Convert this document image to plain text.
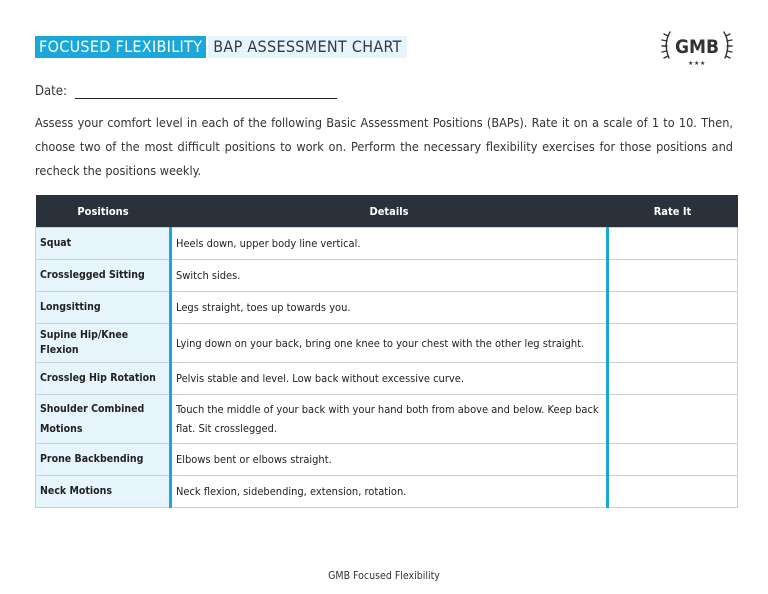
FOCUSED FLEXIBILITY BAP ASSESSMENT CHART	GMB
★ ★ ★
Date:
Assess your comfort level in each of the following Basic Assessment Positions (BAPs). Rate it on a scale of 1 to 10. Then, choose two of the most difficult positions to work on. Perform the necessary flexibility exercises for those positions and recheck the positions weekly.
Positions	Details	Rate It
Squat	Heels down, upper body line vertical.	
Crosslegged Sitting	Switch sides.	
Longsitting	Legs straight, toes up towards you.	
Supine Hip/Knee Flexion	Lying down on your back, bring one knee to your chest with the other leg straight.	
Crossleg Hip Rotation	Pelvis stable and level. Low back without excessive curve.	
Shoulder Combined Motions	Touch the middle of your back with your hand both from above and below. Keep back flat. Sit crosslegged.	
Prone Backbending	Elbows bent or elbows straight.	
Neck Motions	Neck flexion, sidebending, extension, rotation.	
GMB Focused Flexibility
